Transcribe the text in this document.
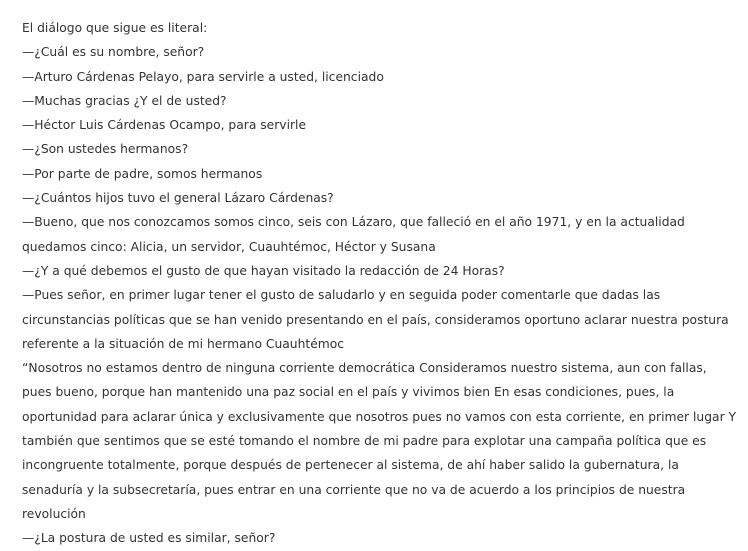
El diálogo que sigue es literal:
—¿Cuál es su nombre, señor?
—Arturo Cárdenas Pelayo, para servirle a usted, licenciado
—Muchas gracias ¿Y el de usted?
—Héctor Luis Cárdenas Ocampo, para servirle
—¿Son ustedes hermanos?
—Por parte de padre, somos hermanos
—¿Cuántos hijos tuvo el general Lázaro Cárdenas?
—Bueno, que nos conozcamos somos cinco, seis con Lázaro, que falleció en el año 1971, y en la actualidad
quedamos cinco: Alicia, un servidor, Cuauhtémoc, Héctor y Susana
—¿Y a qué debemos el gusto de que hayan visitado la redacción de 24 Horas?
—Pues señor, en primer lugar tener el gusto de saludarlo y en seguida poder comentarle que dadas las
circunstancias políticas que se han venido presentando en el país, consideramos oportuno aclarar nuestra postura
referente a la situación de mi hermano Cuauhtémoc
“Nosotros no estamos dentro de ninguna corriente democrática Consideramos nuestro sistema, aun con fallas,
pues bueno, porque han mantenido una paz social en el país y vivimos bien En esas condiciones, pues, la
oportunidad para aclarar única y exclusivamente que nosotros pues no vamos con esta corriente, en primer lugar Y
también que sentimos que se esté tomando el nombre de mi padre para explotar una campaña política que es
incongruente totalmente, porque después de pertenecer al sistema, de ahí haber salido la gubernatura, la
senaduría y la subsecretaría, pues entrar en una corriente que no va de acuerdo a los principios de nuestra
revolución
—¿La postura de usted es similar, señor?
